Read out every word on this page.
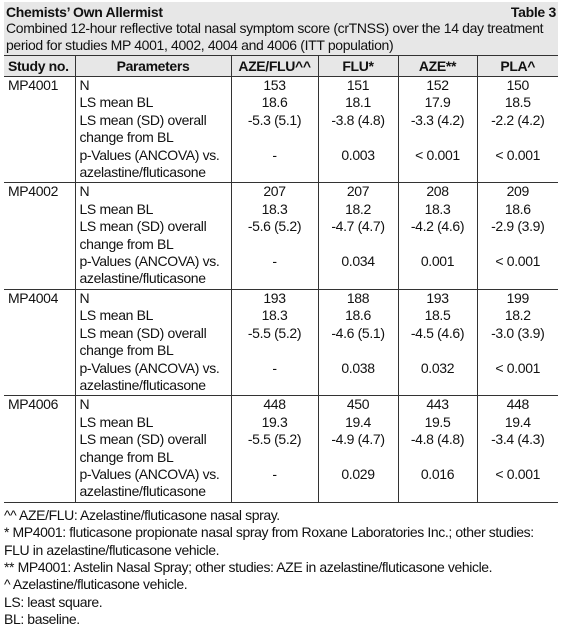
Chemists’ Own Allermist	Table 3
Combined 12-hour reflective total nasal symptom score (crTNSS) over the 14 day treatment period for studies MP 4001, 4002, 4004 and 4006 (ITT population)
Study no.	Parameters	AZE/FLU^^	FLU*	AZE**	PLA^
MP4001	N	153	151	152	150
	LS mean BL	18.6	18.1	17.9	18.5
	LS mean (SD) overall change from BL	-5.3 (5.1)	-3.8 (4.8)	-3.3 (4.2)	-2.2 (4.2)
	p-Values (ANCOVA) vs. azelastine/fluticasone	-	0.003	< 0.001	< 0.001
MP4002	N	207	207	208	209
	LS mean BL	18.3	18.2	18.3	18.6
	LS mean (SD) overall change from BL	-5.6 (5.2)	-4.7 (4.7)	-4.2 (4.6)	-2.9 (3.9)
	p-Values (ANCOVA) vs. azelastine/fluticasone	-	0.034	0.001	< 0.001
MP4004	N	193	188	193	199
	LS mean BL	18.3	18.6	18.5	18.2
	LS mean (SD) overall change from BL	-5.5 (5.2)	-4.6 (5.1)	-4.5 (4.6)	-3.0 (3.9)
	p-Values (ANCOVA) vs. azelastine/fluticasone	-	0.038	0.032	< 0.001
MP4006	N	448	450	443	448
	LS mean BL	19.3	19.4	19.5	19.4
	LS mean (SD) overall change from BL	-5.5 (5.2)	-4.9 (4.7)	-4.8 (4.8)	-3.4 (4.3)
	p-Values (ANCOVA) vs. azelastine/fluticasone	-	0.029	0.016	< 0.001
^^ AZE/FLU: Azelastine/fluticasone nasal spray.
* MP4001: fluticasone propionate nasal spray from Roxane Laboratories Inc.; other studies: FLU in azelastine/fluticasone vehicle.
** MP4001: Astelin Nasal Spray; other studies: AZE in azelastine/fluticasone vehicle.
^ Azelastine/fluticasone vehicle.
LS: least square.
BL: baseline.
